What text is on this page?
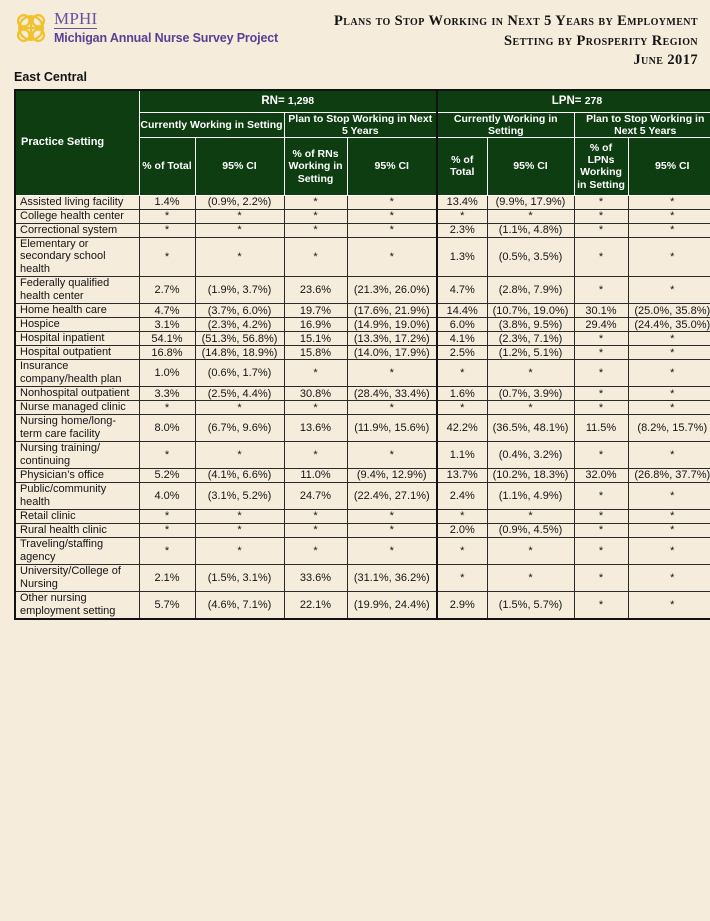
MPHI
Michigan Annual Nurse Survey Project
Plans to Stop Working in Next 5 Years by Employment
Setting by Prosperity Region
June 2017
East Central
Practice Setting	RN= 1,298				LPN= 278			
	Currently Working in Setting		Plan to Stop Working in Next 5 Years		Currently Working in Setting		Plan to Stop Working in Next 5 Years	
	% of Total	95% CI	% of RNs Working in Setting	95% CI	% of Total	95% CI	% of LPNs Working in Setting	95% CI
Assisted living facility	1.4%	(0.9%, 2.2%)	*	*	13.4%	(9.9%, 17.9%)	*	*
College health center	*	*	*	*	*	*	*	*
Correctional system	*	*	*	*	2.3%	(1.1%, 4.8%)	*	*
Elementary or secondary school health	*	*	*	*	1.3%	(0.5%, 3.5%)	*	*
Federally qualified health center	2.7%	(1.9%, 3.7%)	23.6%	(21.3%, 26.0%)	4.7%	(2.8%, 7.9%)	*	*
Home health care	4.7%	(3.7%, 6.0%)	19.7%	(17.6%, 21.9%)	14.4%	(10.7%, 19.0%)	30.1%	(25.0%, 35.8%)
Hospice	3.1%	(2.3%, 4.2%)	16.9%	(14.9%, 19.0%)	6.0%	(3.8%, 9.5%)	29.4%	(24.4%, 35.0%)
Hospital inpatient	54.1%	(51.3%, 56.8%)	15.1%	(13.3%, 17.2%)	4.1%	(2.3%, 7.1%)	*	*
Hospital outpatient	16.8%	(14.8%, 18.9%)	15.8%	(14.0%, 17.9%)	2.5%	(1.2%, 5.1%)	*	*
Insurance company/health plan	1.0%	(0.6%, 1.7%)	*	*	*	*	*	*
Nonhospital outpatient	3.3%	(2.5%, 4.4%)	30.8%	(28.4%, 33.4%)	1.6%	(0.7%, 3.9%)	*	*
Nurse managed clinic	*	*	*	*	*	*	*	*
Nursing home/long-term care facility	8.0%	(6.7%, 9.6%)	13.6%	(11.9%, 15.6%)	42.2%	(36.5%, 48.1%)	11.5%	(8.2%, 15.7%)
Nursing training/ continuing	*	*	*	*	1.1%	(0.4%, 3.2%)	*	*
Physician’s office	5.2%	(4.1%, 6.6%)	11.0%	(9.4%, 12.9%)	13.7%	(10.2%, 18.3%)	32.0%	(26.8%, 37.7%)
Public/community health	4.0%	(3.1%, 5.2%)	24.7%	(22.4%, 27.1%)	2.4%	(1.1%, 4.9%)	*	*
Retail clinic	*	*	*	*	*	*	*	*
Rural health clinic	*	*	*	*	2.0%	(0.9%, 4.5%)	*	*
Traveling/staffing agency	*	*	*	*	*	*	*	*
University/College of Nursing	2.1%	(1.5%, 3.1%)	33.6%	(31.1%, 36.2%)	*	*	*	*
Other nursing employment setting	5.7%	(4.6%, 7.1%)	22.1%	(19.9%, 24.4%)	2.9%	(1.5%, 5.7%)	*	*
